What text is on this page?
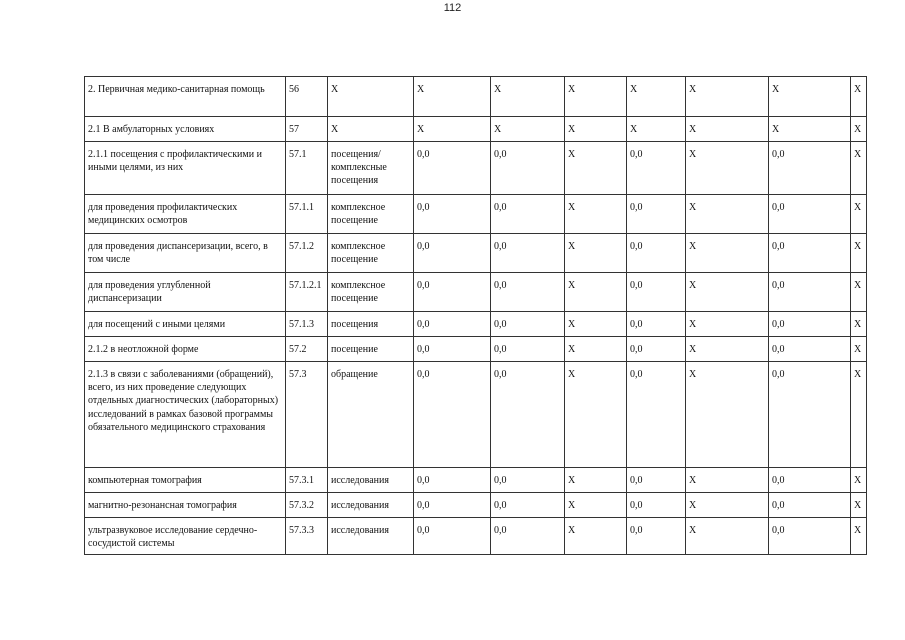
112
2. Первичная медико-санитарная помощь	56	X	X	X	X	X	X	X	X
2.1 В амбулаторных условиях	57	X	X	X	X	X	X	X	X
2.1.1 посещения с профилактическими и иными целями, из них	57.1	посещения/комплексные посещения	0,0	0,0	X	0,0	X	0,0	X
для проведения профилактических медицинских осмотров	57.1.1	комплексное посещение	0,0	0,0	X	0,0	X	0,0	X
для проведения диспансеризации, всего, в том числе	57.1.2	комплексное посещение	0,0	0,0	X	0,0	X	0,0	X
для проведения углубленной диспансеризации	57.1.2.1	комплексное посещение	0,0	0,0	X	0,0	X	0,0	X
для посещений с иными целями	57.1.3	посещения	0,0	0,0	X	0,0	X	0,0	X
2.1.2 в неотложной форме	57.2	посещение	0,0	0,0	X	0,0	X	0,0	X
2.1.3 в связи с заболеваниями (обращений), всего, из них проведение следующих отдельных диагностических (лабораторных) исследований в рамках базовой программы обязательного медицинского страхования	57.3	обращение	0,0	0,0	X	0,0	X	0,0	X
компьютерная томография	57.3.1	исследования	0,0	0,0	X	0,0	X	0,0	X
магнитно-резонансная томография	57.3.2	исследования	0,0	0,0	X	0,0	X	0,0	X
ультразвуковое исследование сердечно-сосудистой системы	57.3.3	исследования	0,0	0,0	X	0,0	X	0,0	X
